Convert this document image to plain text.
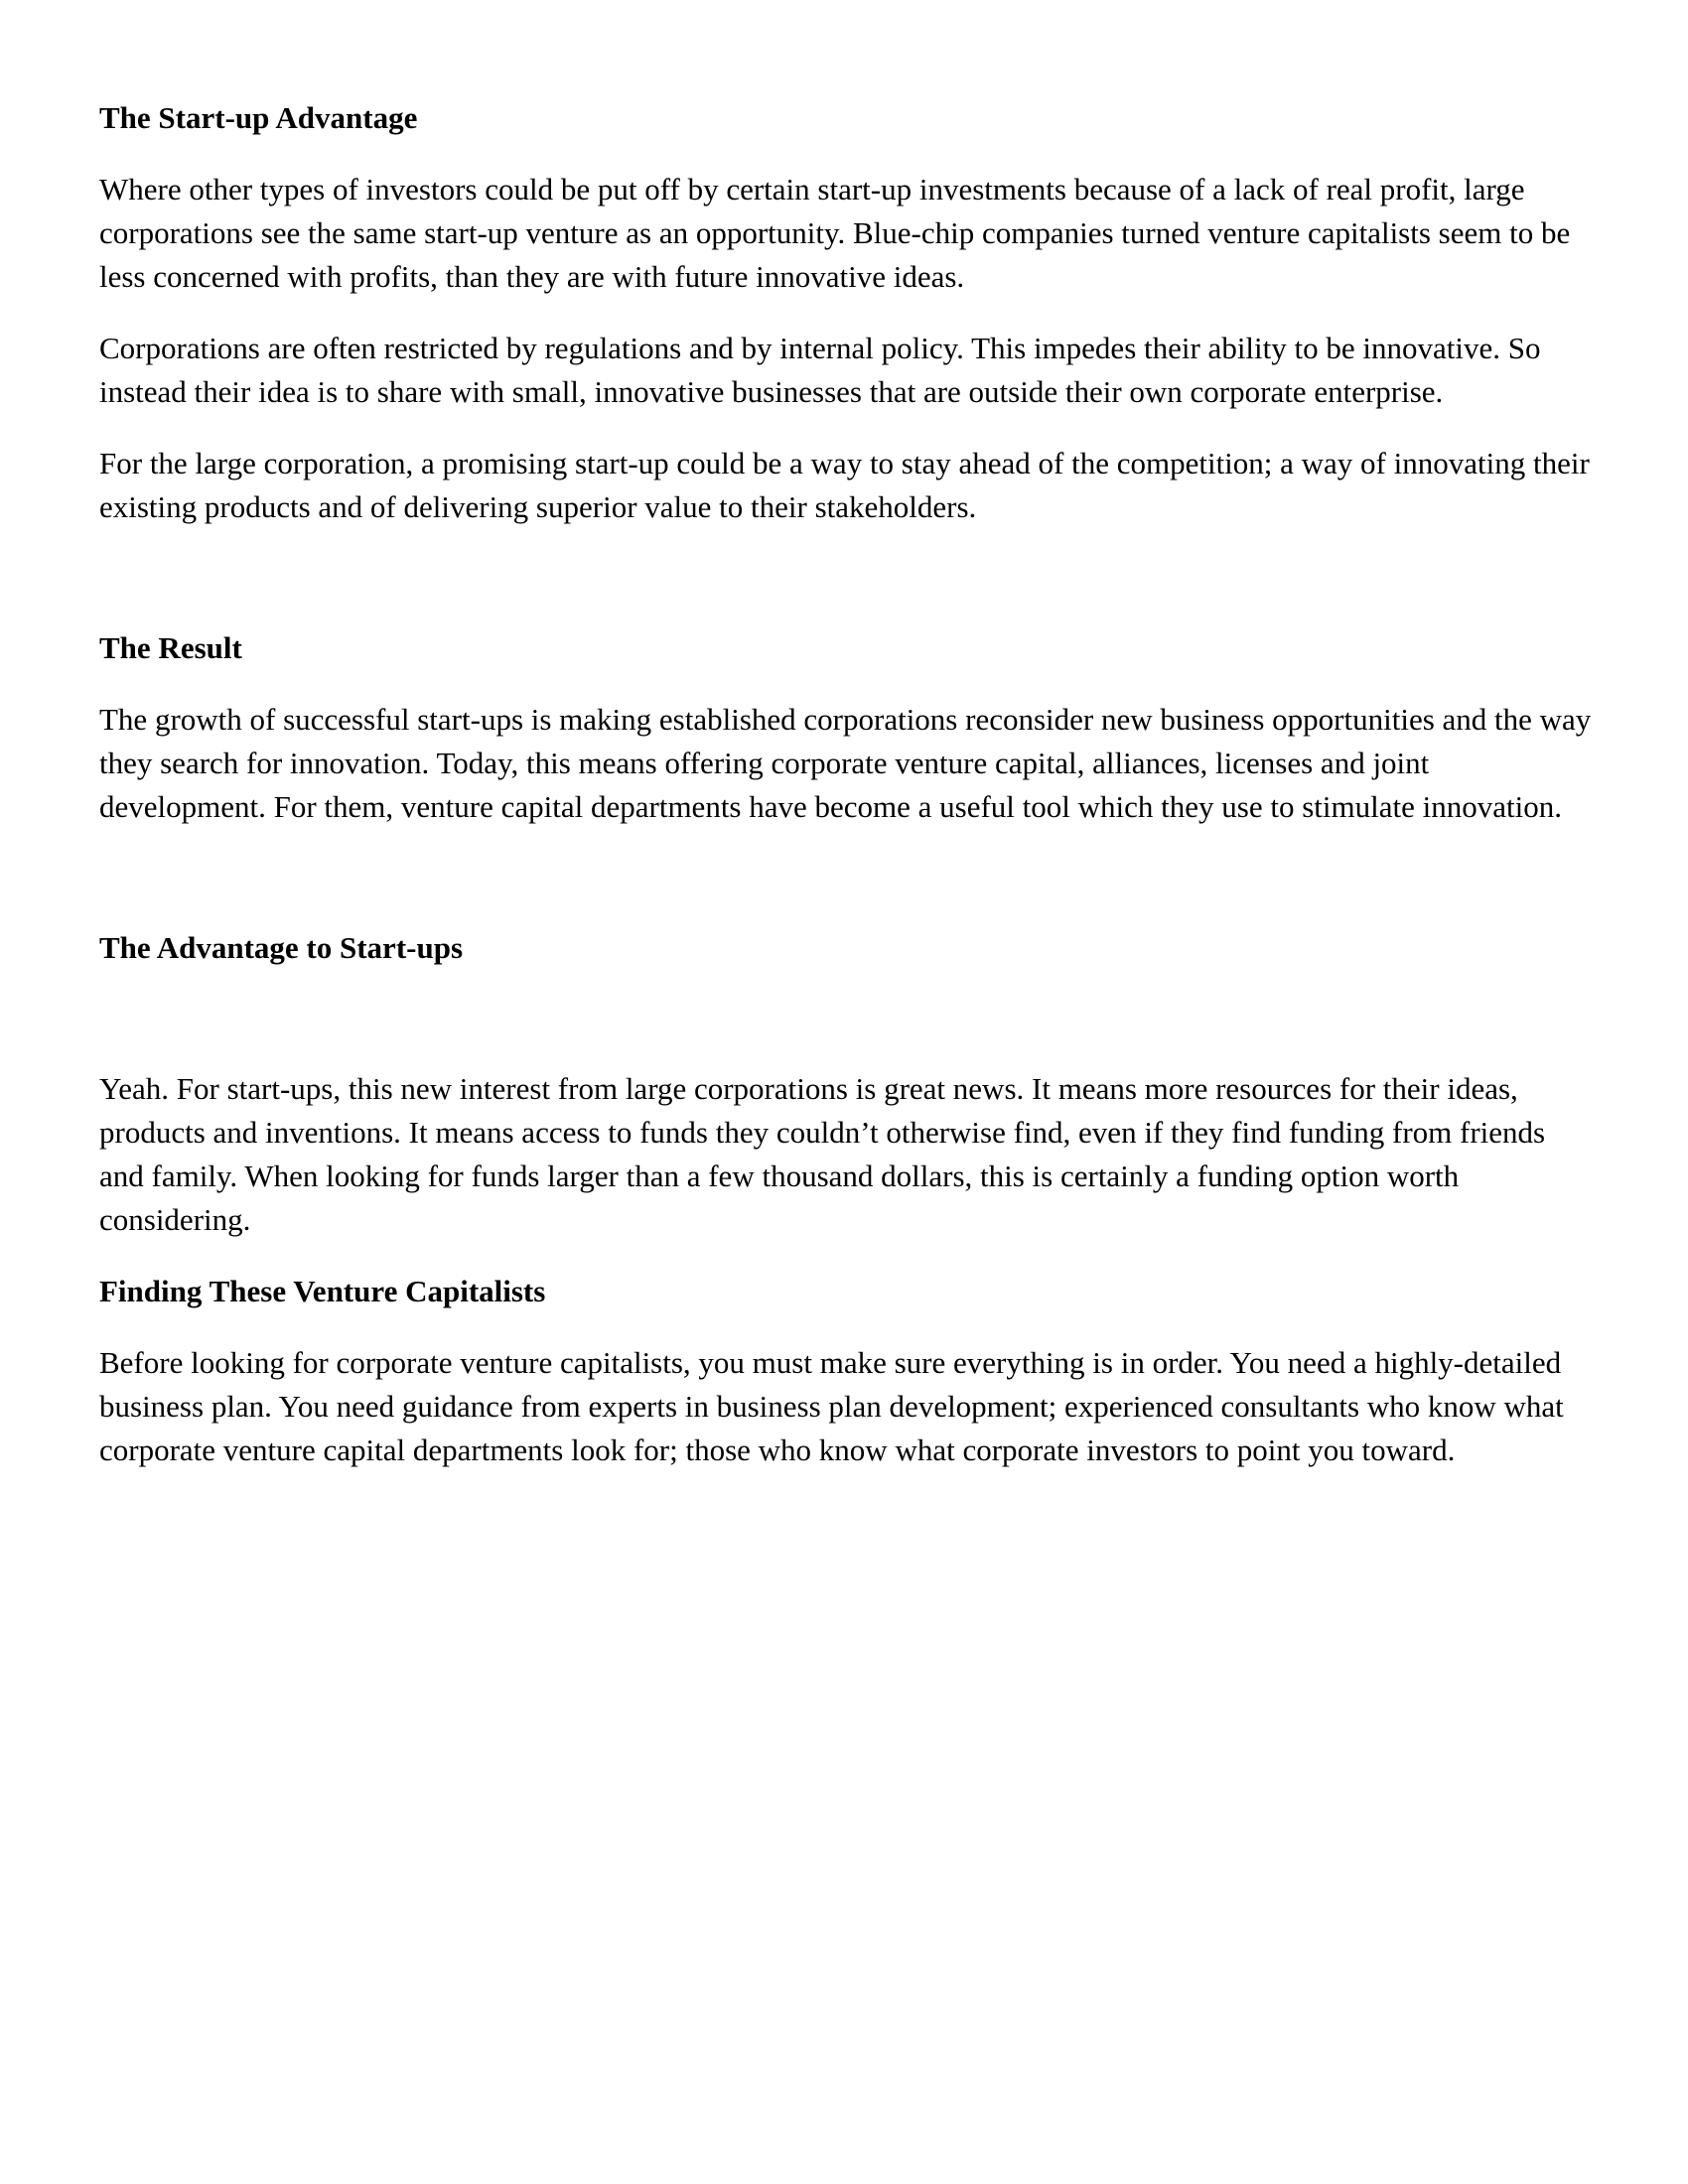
The Start-up Advantage

Where other types of investors could be put off by certain start-up investments because of a lack of real profit, large corporations see the same start-up venture as an opportunity. Blue-chip companies turned venture capitalists seem to be less concerned with profits, than they are with future innovative ideas.

Corporations are often restricted by regulations and by internal policy. This impedes their ability to be innovative. So instead their idea is to share with small, innovative businesses that are outside their own corporate enterprise.

For the large corporation, a promising start-up could be a way to stay ahead of the competition; a way of innovating their existing products and of delivering superior value to their stakeholders.

The Result

The growth of successful start-ups is making established corporations reconsider new business opportunities and the way they search for innovation. Today, this means offering corporate venture capital, alliances, licenses and joint development. For them, venture capital departments have become a useful tool which they use to stimulate innovation.

The Advantage to Start-ups

Yeah. For start-ups, this new interest from large corporations is great news. It means more resources for their ideas, products and inventions. It means access to funds they couldn’t otherwise find, even if they find funding from friends and family. When looking for funds larger than a few thousand dollars, this is certainly a funding option worth considering.

Finding These Venture Capitalists

Before looking for corporate venture capitalists, you must make sure everything is in order. You need a highly-detailed business plan. You need guidance from experts in business plan development; experienced consultants who know what corporate venture capital departments look for; those who know what corporate investors to point you toward.
